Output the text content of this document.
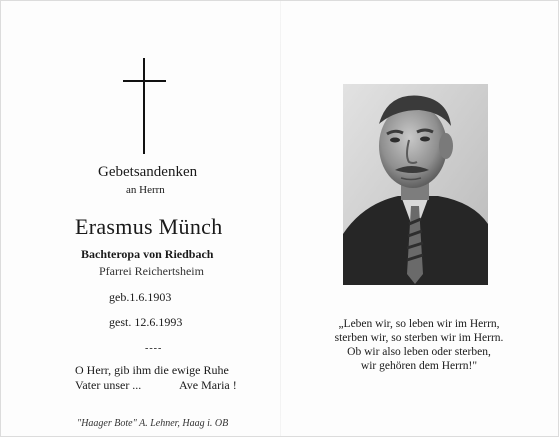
Gebetsandenken
an Herrn
Erasmus Münch
Bachteropa von Riedbach
Pfarrei Reichertsheim
geb.1.6.1903
gest. 12.6.1993
----
O Herr, gib ihm die ewige Ruhe
Vater unser ...	Ave Maria !
"Haager Bote" A. Lehner, Haag i. OB
„Leben wir, so leben wir im Herrn,
sterben wir, so sterben wir im Herrn.
Ob wir also leben oder sterben,
wir gehören dem Herrn!"
